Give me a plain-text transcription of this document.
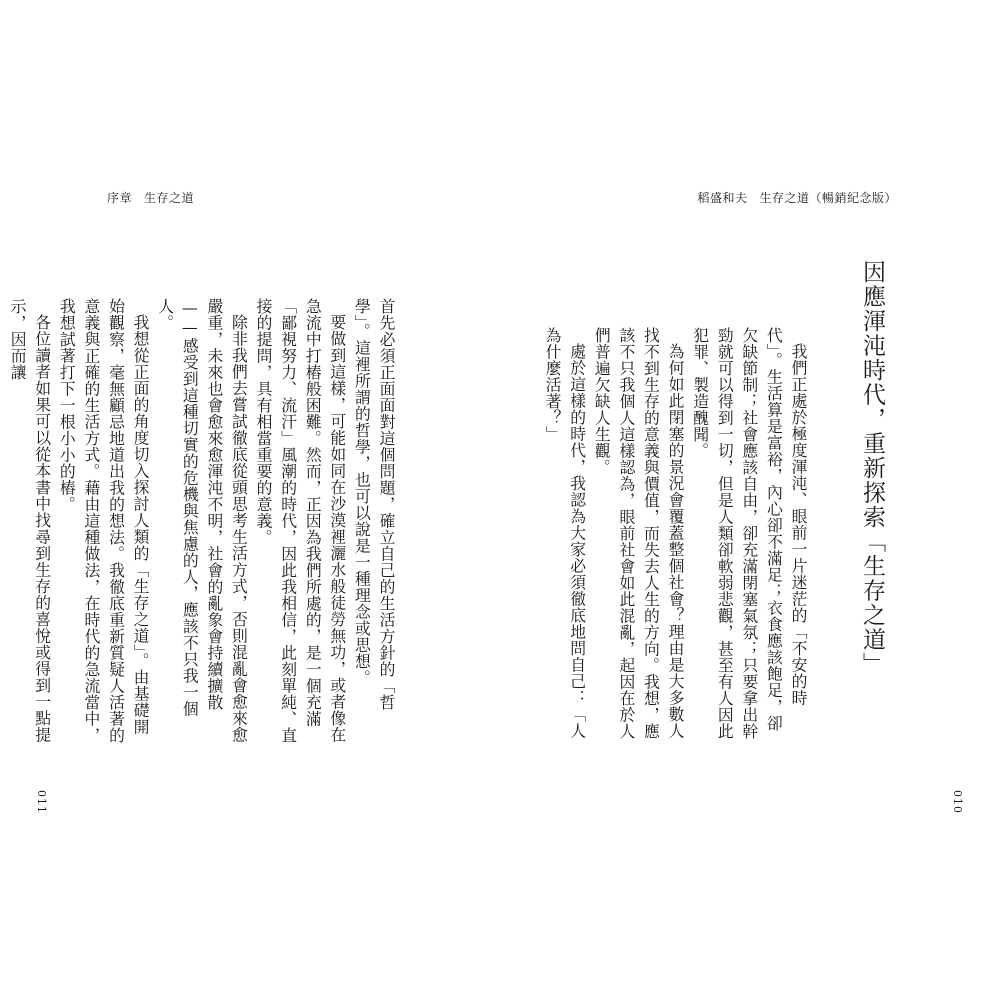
序章 生存之道	稻盛和夫 生存之道（暢銷紀念版）
因應渾沌時代，重新探索「生存之道」

我們正處於極度渾沌、眼前一片迷茫的「不安的時代」。生活算是富裕，內心卻不滿足；衣食應該飽足，卻欠缺節制；社會應該自由，卻充滿閉塞氣氛；只要拿出幹勁就可以得到一切，但是人類卻軟弱悲觀，甚至有人因此犯罪、製造醜聞。

為何如此閉塞的景況會覆蓋整個社會？理由是大多數人找不到生存的意義與價值，而失去人生的方向。我想，應該不只我個人這樣認為，眼前社會如此混亂，起因在於人們普遍欠缺人生觀。

處於這樣的時代，我認為大家必須徹底地問自己：「人為什麼活著？」

首先必須正面面對這個問題，確立自己的生活方針的「哲學」。這裡所謂的哲學，也可以說是一種理念或思想。

要做到這樣，可能如同在沙漠裡灑水般徒勞無功，或者像在急流中打樁般困難。然而，正因為我們所處的，是一個充滿「鄙視努力、流汗」風潮的時代，因此我相信，此刻單純、直接的提問，具有相當重要的意義。

除非我們去嘗試徹底從頭思考生活方式，否則混亂會愈來愈嚴重，未來也會愈來愈渾沌不明，社會的亂象會持續擴散——感受到這種切實的危機與焦慮的人，應該不只我一個人。

我想從正面的角度切入探討人類的「生存之道」。由基礎開始觀察，毫無顧忌地道出我的想法。我徹底重新質疑人活著的意義與正確的生活方式。藉由這種做法，在時代的急流當中，我想試著打下一根小小的樁。

各位讀者如果可以從本書中找尋到生存的喜悅或得到一點提示，因而讓

011	010
